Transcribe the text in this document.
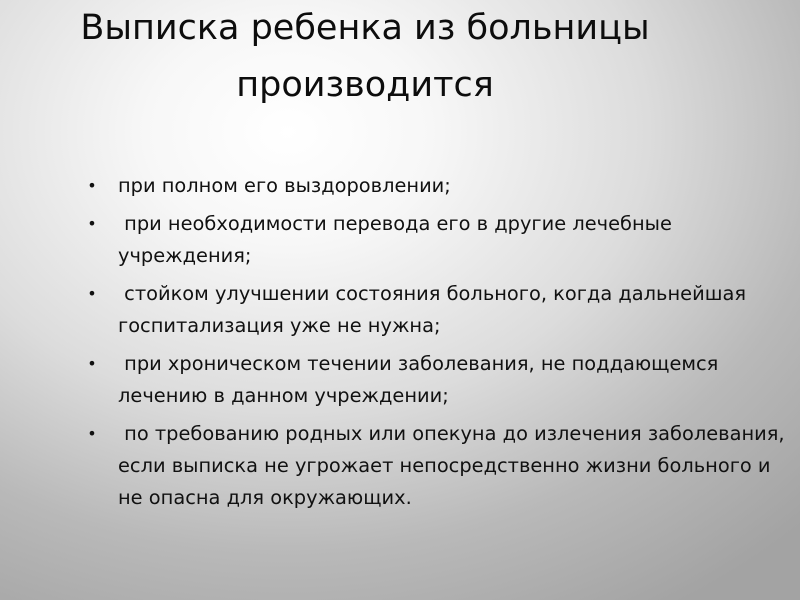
Выписка ребенка из больницы производится
• при полном его выздоровлении;
• при необходимости перевода его в другие лечебные учреждения;
• стойком улучшении состояния больного, когда дальнейшая госпитализация уже не нужна;
• при хроническом течении заболевания, не поддающемся лечению в данном учреждении;
• по требованию родных или опекуна до излечения заболевания, если выписка не угрожает непосредственно жизни больного и не опасна для окружающих.
